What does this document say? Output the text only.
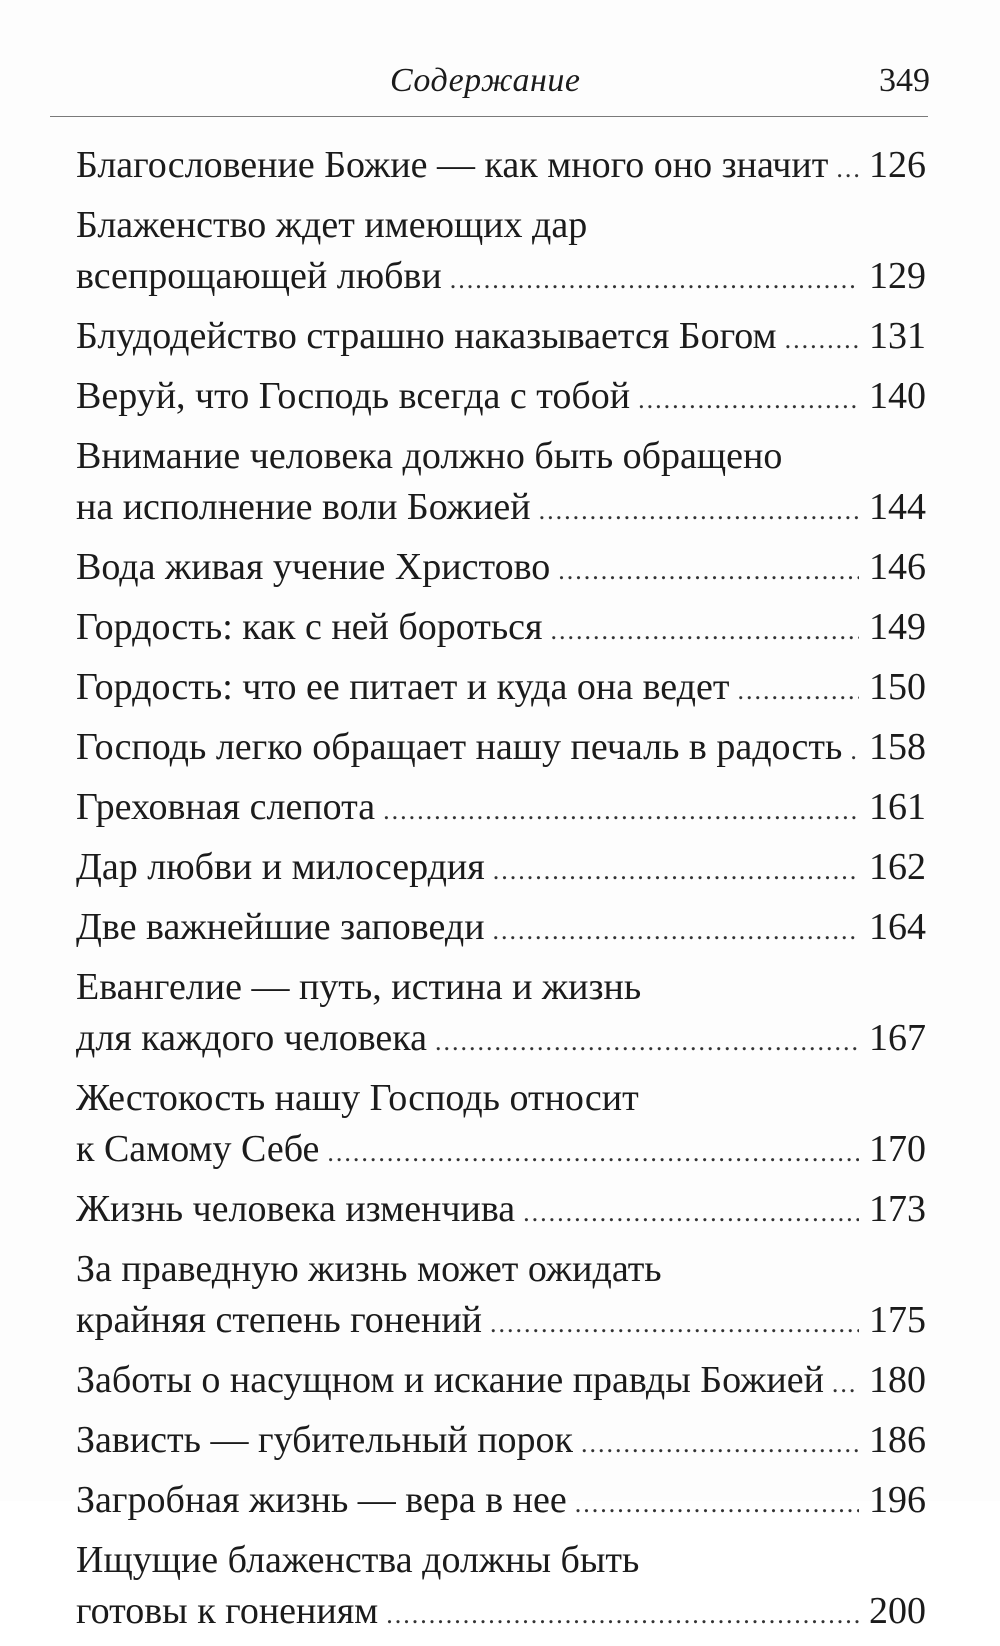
Содержание	349
Благословение Божие — как много оно значит ..... 126
Блаженство ждет имеющих дар
всепрощающей любви .....	129
Блудодейство страшно наказывается Богом ..... 131
Веруй, что Господь всегда с тобой .....	140
Внимание человека должно быть обращено
на исполнение воли Божией .....	144
Вода живая учение Христово .....	146
Гордость: как с ней бороться .....	149
Гордость: что ее питает и куда она ведет .....	150
Господь легко обращает нашу печаль в радость ..... 158
Греховная слепота .....	161
Дар любви и милосердия .....	162
Две важнейшие заповеди .....	164
Евангелие — путь, истина и жизнь
для каждого человека .....	167
Жестокость нашу Господь относит
к Самому Себе .....	170
Жизнь человека изменчива .....	173
За праведную жизнь может ожидать
крайняя степень гонений .....	175
Заботы о насущном и искание правды Божией ..... 180
Зависть — губительный порок .....	186
Загробная жизнь — вера в нее .....	196
Ищущие блаженства должны быть
готовы к гонениям .....	200
